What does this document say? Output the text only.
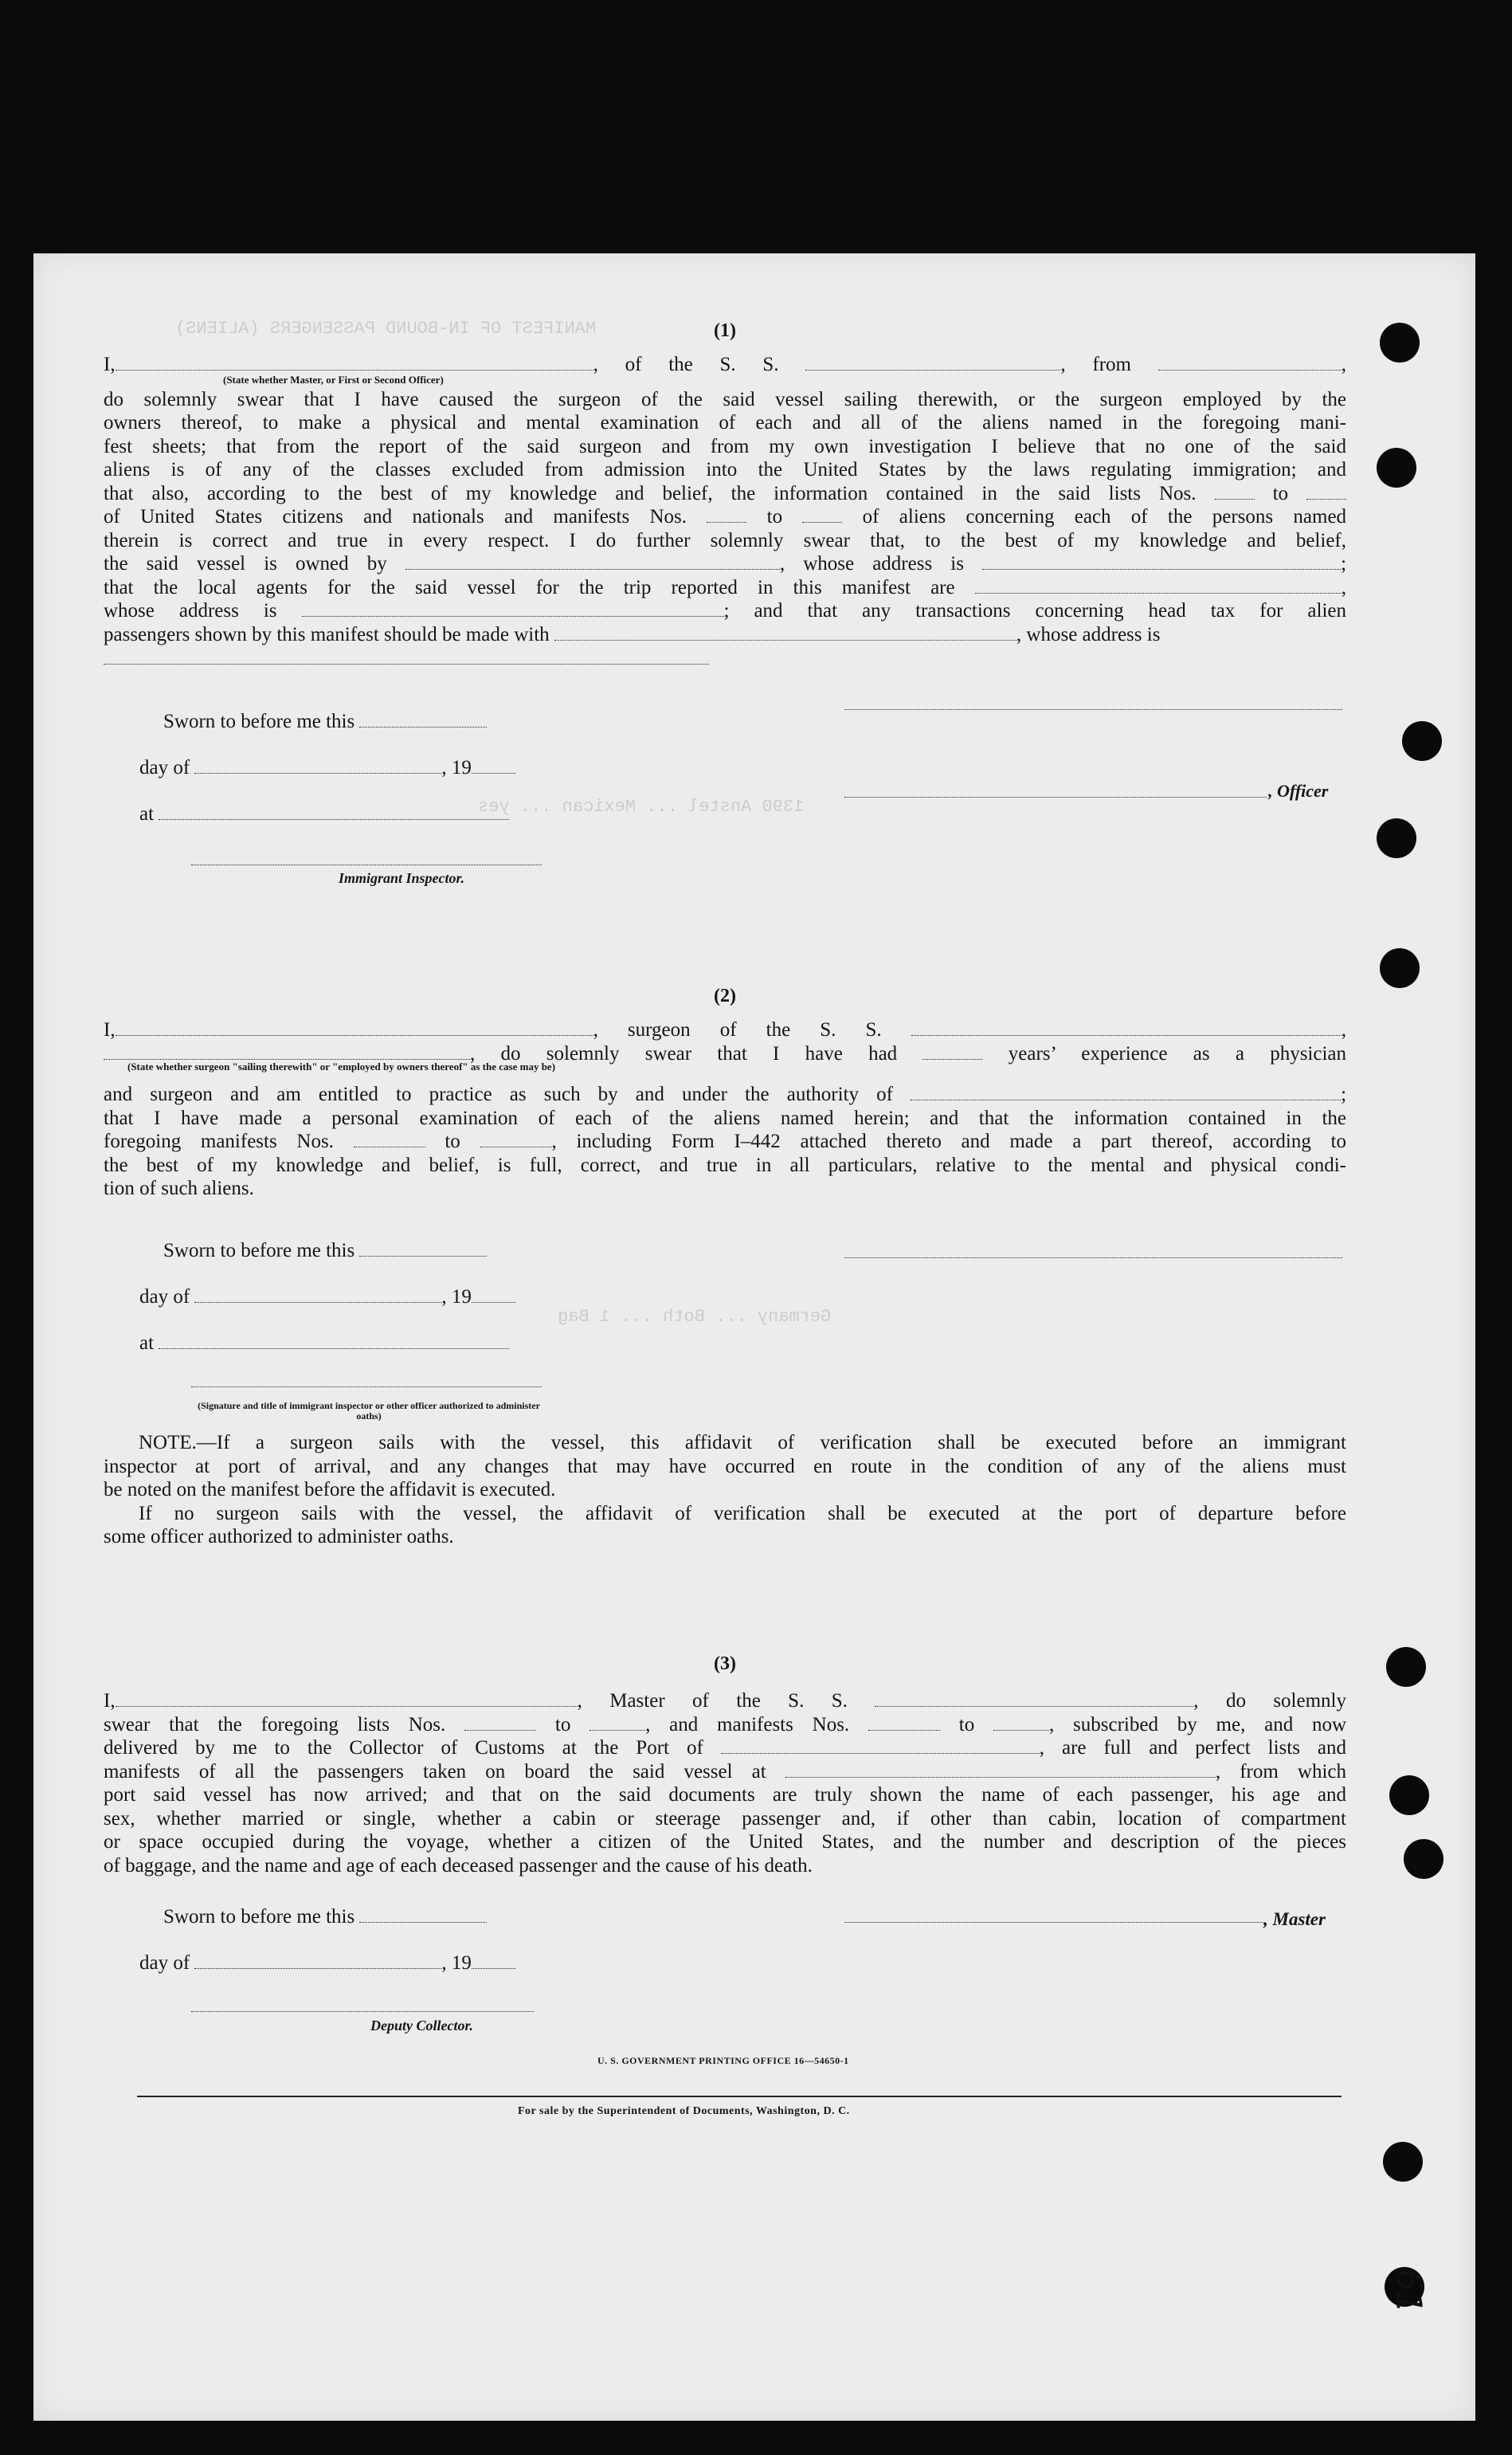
MANIFEST OF IN-BOUND PASSENGERS (ALIENS)
1390 Anstel ... Mexican ... yes
Germany ... Both ... 1 Bag
(1)
I,	, of the S. S.	, from	,
(State whether Master, or First or Second Officer)
do solemnly swear that I have caused the surgeon of the said vessel sailing therewith, or the surgeon employed by the
owners thereof, to make a physical and mental examination of each and all of the aliens named in the foregoing mani-
fest sheets; that from the report of the said surgeon and from my own investigation I believe that no one of the said
aliens is of any of the classes excluded from admission into the United States by the laws regulating immigration; and
that also, according to the best of my knowledge and belief, the information contained in the said lists Nos.	to
of United States citizens and nationals and manifests Nos.	to	of aliens concerning each of the persons named
therein is correct and true in every respect. I do further solemnly swear that, to the best of my knowledge and belief,
the said vessel is owned by	, whose address is	;
that the local agents for the said vessel for the trip reported in this manifest are	,
whose address is	; and that any transactions concerning head tax for alien
passengers shown by this manifest should be made with	, whose address is
Sworn to before me this
day of	, 19
, Officer
at
Immigrant Inspector.
(2)
I,	, surgeon of the S. S.	,
, do solemnly swear that I have had	years’ experience as a physician
(State whether surgeon "sailing therewith" or "employed by owners thereof" as the case may be)
and surgeon and am entitled to practice as such by and under the authority of	;
that I have made a personal examination of each of the aliens named herein; and that the information contained in the
foregoing manifests Nos.	to	, including Form I–442 attached thereto and made a part thereof, according to
the best of my knowledge and belief, is full, correct, and true in all particulars, relative to the mental and physical condi-
tion of such aliens.
Sworn to before me this
day of	, 19
at
(Signature and title of immigrant inspector or other officer authorized to administer oaths)
NOTE.—If a surgeon sails with the vessel, this affidavit of verification shall be executed before an immigrant
inspector at port of arrival, and any changes that may have occurred en route in the condition of any of the aliens must
be noted on the manifest before the affidavit is executed.
If no surgeon sails with the vessel, the affidavit of verification shall be executed at the port of departure before
some officer authorized to administer oaths.
(3)
I,	, Master of the S. S.	, do solemnly
swear that the foregoing lists Nos.	to	, and manifests Nos.	to	, subscribed by me, and now
delivered by me to the Collector of Customs at the Port of	, are full and perfect lists and
manifests of all the passengers taken on board the said vessel at	, from which
port said vessel has now arrived; and that on the said documents are truly shown the name of each passenger, his age and
sex, whether married or single, whether a cabin or steerage passenger and, if other than cabin, location of compartment
or space occupied during the voyage, whether a citizen of the United States, and the number and description of the pieces
of baggage, and the name and age of each deceased passenger and the cause of his death.
Sworn to before me this	, Master
day of	, 19
Deputy Collector.
U. S. GOVERNMENT PRINTING OFFICE 16—54650-1
For sale by the Superintendent of Documents, Washington, D. C.
61
